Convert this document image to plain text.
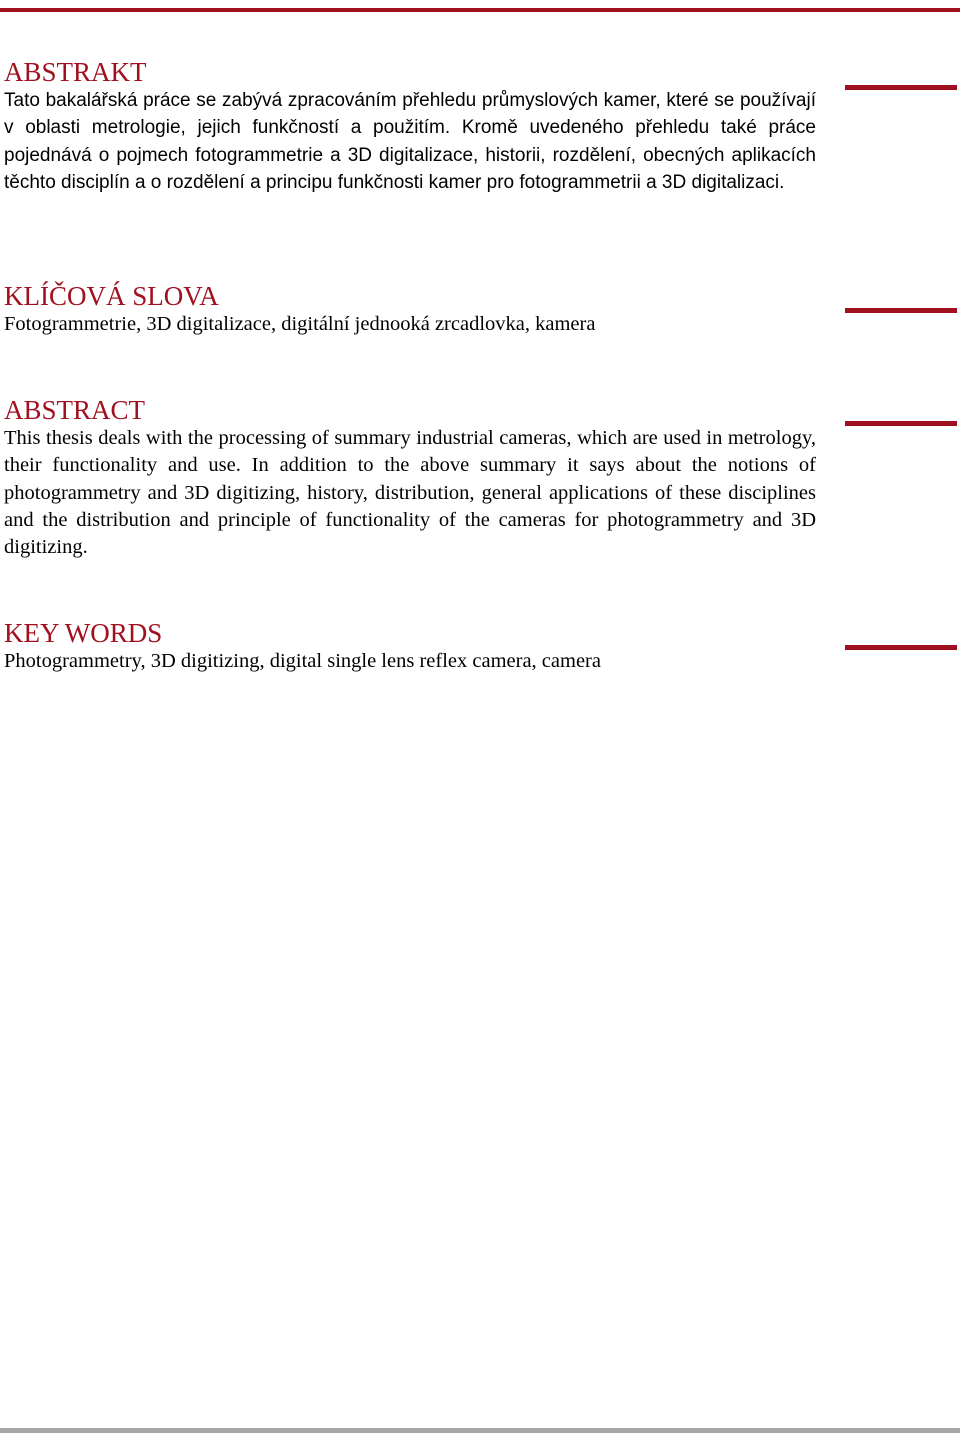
ABSTRAKT

Tato bakalářská práce se zabývá zpracováním přehledu průmyslových kamer, které se používají v oblasti metrologie, jejich funkčností a použitím. Kromě uvedeného přehledu také práce pojednává o pojmech fotogrammetrie a 3D digitalizace, historii, rozdělení, obecných aplikacích těchto disciplín a o rozdělení a principu funkčnosti kamer pro fotogrammetrii a 3D digitalizaci.

KLÍČOVÁ SLOVA

Fotogrammetrie, 3D digitalizace, digitální jednooká zrcadlovka, kamera

ABSTRACT

This thesis deals with the processing of summary industrial cameras, which are used in metrology, their functionality and use. In addition to the above summary it says about the notions of photogrammetry and 3D digitizing, history, distribution, general applications of these disciplines and the distribution and principle of functionality of the cameras for photogrammetry and 3D digitizing.

KEY WORDS

Photogrammetry, 3D digitizing, digital single lens reflex camera, camera
